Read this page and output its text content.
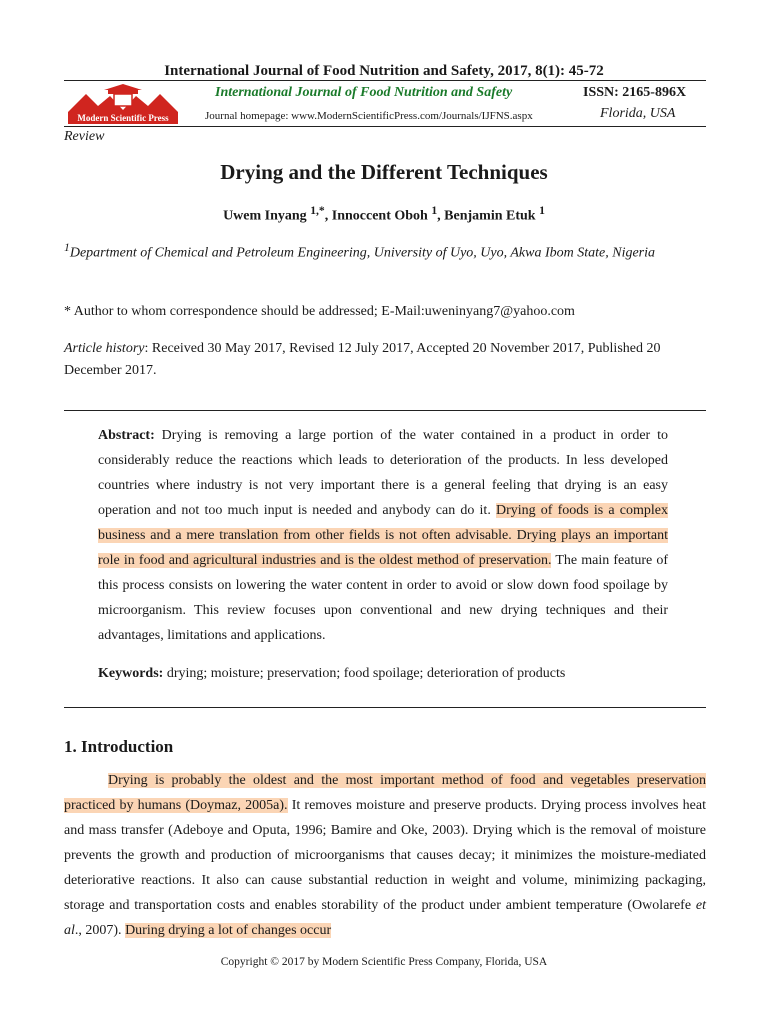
International Journal of Food Nutrition and Safety, 2017, 8(1): 45-72
Modern Scientific Press
International Journal of Food Nutrition and Safety
Journal homepage: www.ModernScientificPress.com/Journals/IJFNS.aspx
ISSN: 2165-896X
Florida, USA
Review
Drying and the Different Techniques
Uwem Inyang $^{1,*}$, Innoccent Oboh $^1$, Benjamin Etuk $^1$
$^1$Department of Chemical and Petroleum Engineering, University of Uyo, Uyo, Akwa Ibom State, Nigeria
* Author to whom correspondence should be addressed; E-Mail:uweninyang7@yahoo.com
Article history: Received 30 May 2017, Revised 12 July 2017, Accepted 20 November 2017, Published 20 December 2017.
Abstract: Drying is removing a large portion of the water contained in a product in order to considerably reduce the reactions which leads to deterioration of the products. In less developed countries where industry is not very important there is a general feeling that drying is an easy operation and not too much input is needed and anybody can do it. Drying of foods is a complex business and a mere translation from other fields is not often advisable. Drying plays an important role in food and agricultural industries and is the oldest method of preservation. The main feature of this process consists on lowering the water content in order to avoid or slow down food spoilage by microorganism. This review focuses upon conventional and new drying techniques and their advantages, limitations and applications.
Keywords: drying; moisture; preservation; food spoilage; deterioration of products
1. Introduction
Drying is probably the oldest and the most important method of food and vegetables preservation practiced by humans (Doymaz, 2005a). It removes moisture and preserve products. Drying process involves heat and mass transfer (Adeboye and Oputa, 1996; Bamire and Oke, 2003). Drying which is the removal of moisture prevents the growth and production of microorganisms that causes decay; it minimizes the moisture-mediated deteriorative reactions. It also can cause substantial reduction in weight and volume, minimizing packaging, storage and transportation costs and enables storability of the product under ambient temperature (Owolarefe et al., 2007). During drying a lot of changes occur
Copyright © 2017 by Modern Scientific Press Company, Florida, USA
